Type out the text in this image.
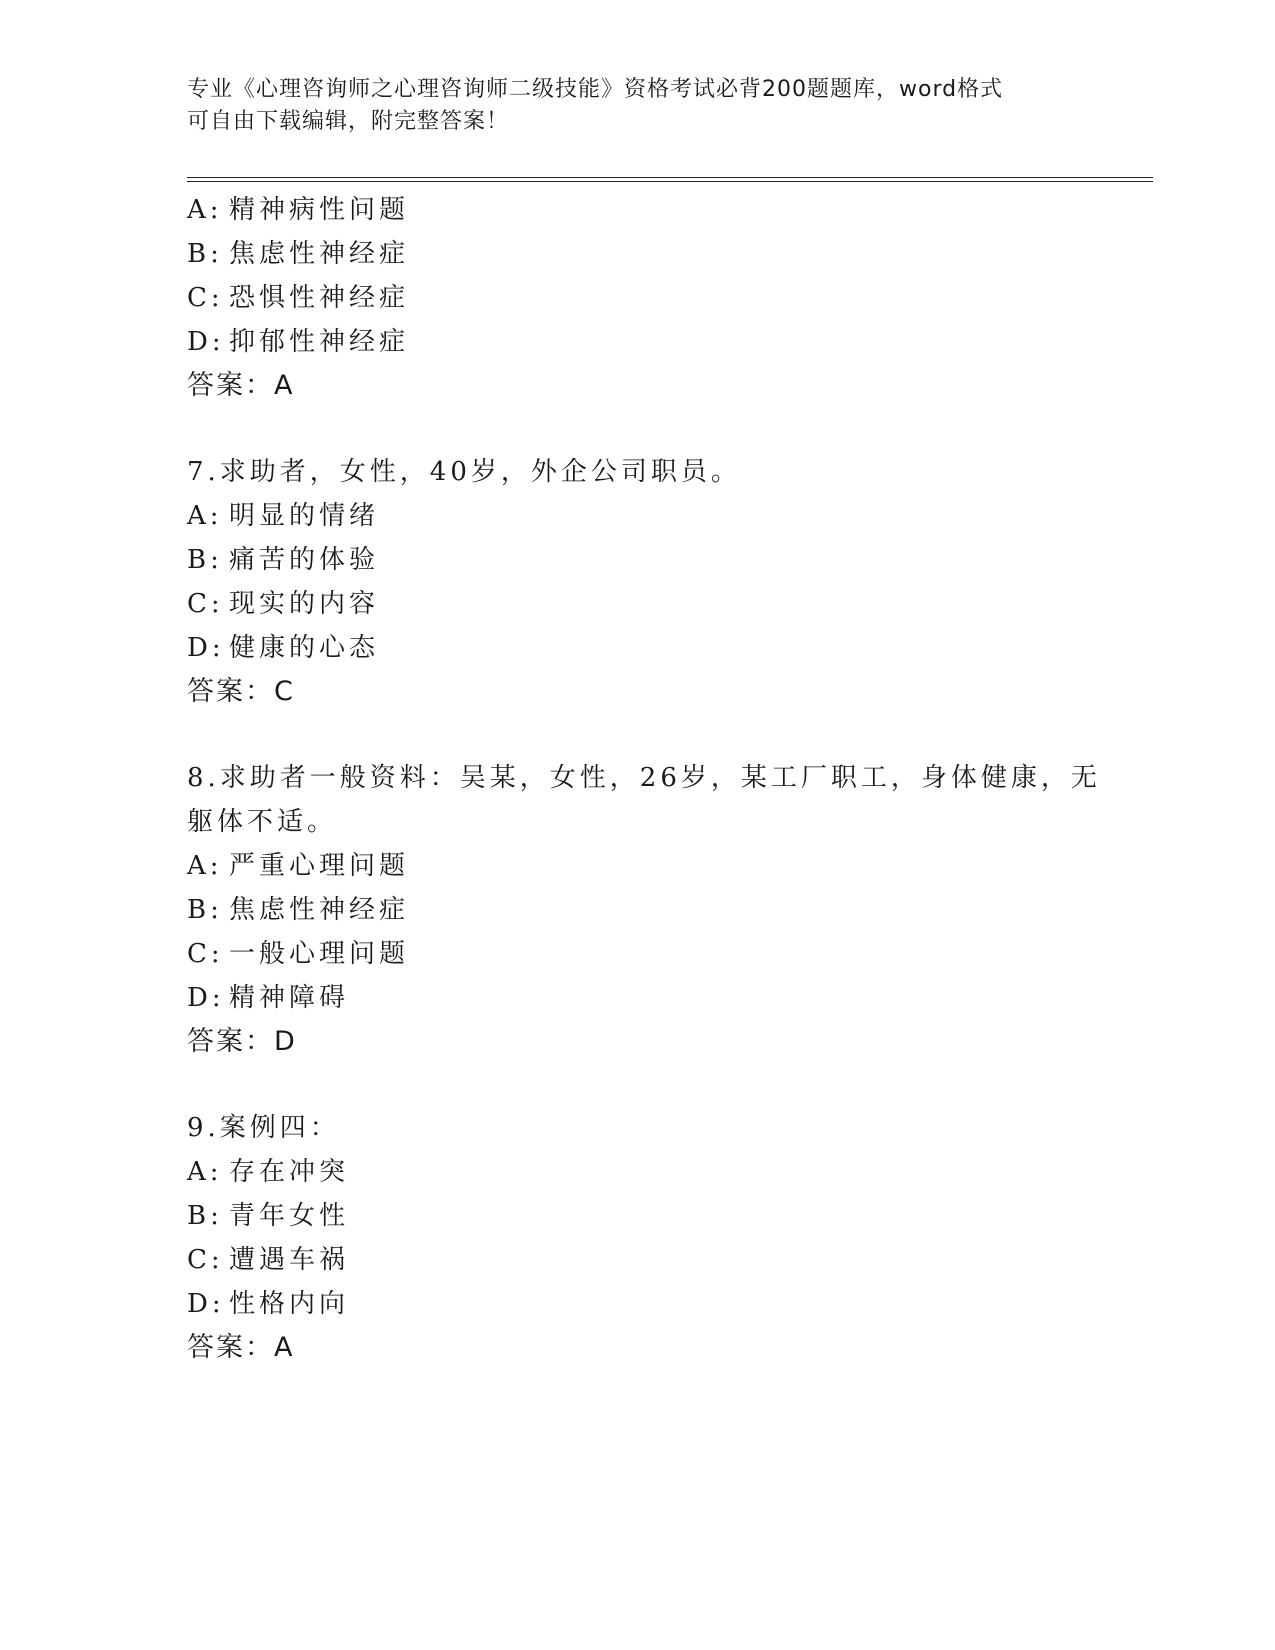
专业《心理咨询师之心理咨询师二级技能》资格考试必背200题题库，word格式
可自由下载编辑，附完整答案！
A: 精神病性问题
B: 焦虑性神经症
C: 恐惧性神经症
D: 抑郁性神经症
答案：A
7.求助者，女性，40岁，外企公司职员。
A: 明显的情绪
B: 痛苦的体验
C: 现实的内容
D: 健康的心态
答案：C
8.求助者一般资料：吴某，女性，26岁，某工厂职工，身体健康，无
躯体不适。
A: 严重心理问题
B: 焦虑性神经症
C: 一般心理问题
D: 精神障碍
答案：D
9.案例四：
A: 存在冲突
B: 青年女性
C: 遭遇车祸
D: 性格内向
答案：A
